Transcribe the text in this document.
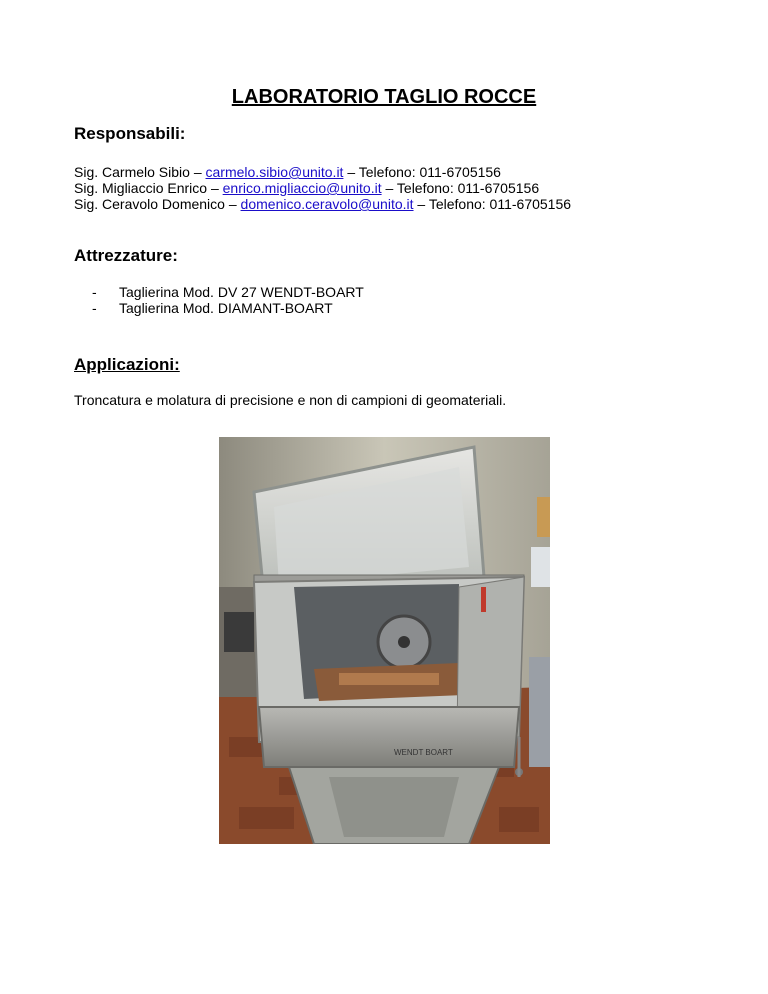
LABORATORIO TAGLIO ROCCE
Responsabili:
Sig. Carmelo Sibio – carmelo.sibio@unito.it – Telefono: 011-6705156
Sig. Migliaccio Enrico – enrico.migliaccio@unito.it – Telefono: 011-6705156
Sig. Ceravolo Domenico – domenico.ceravolo@unito.it – Telefono: 011-6705156
Attrezzature:
- Taglierina Mod. DV 27 WENDT-BOART
- Taglierina Mod. DIAMANT-BOART
Applicazioni:
Troncatura e molatura di precisione e non di campioni di geomateriali.
WENDT BOART
